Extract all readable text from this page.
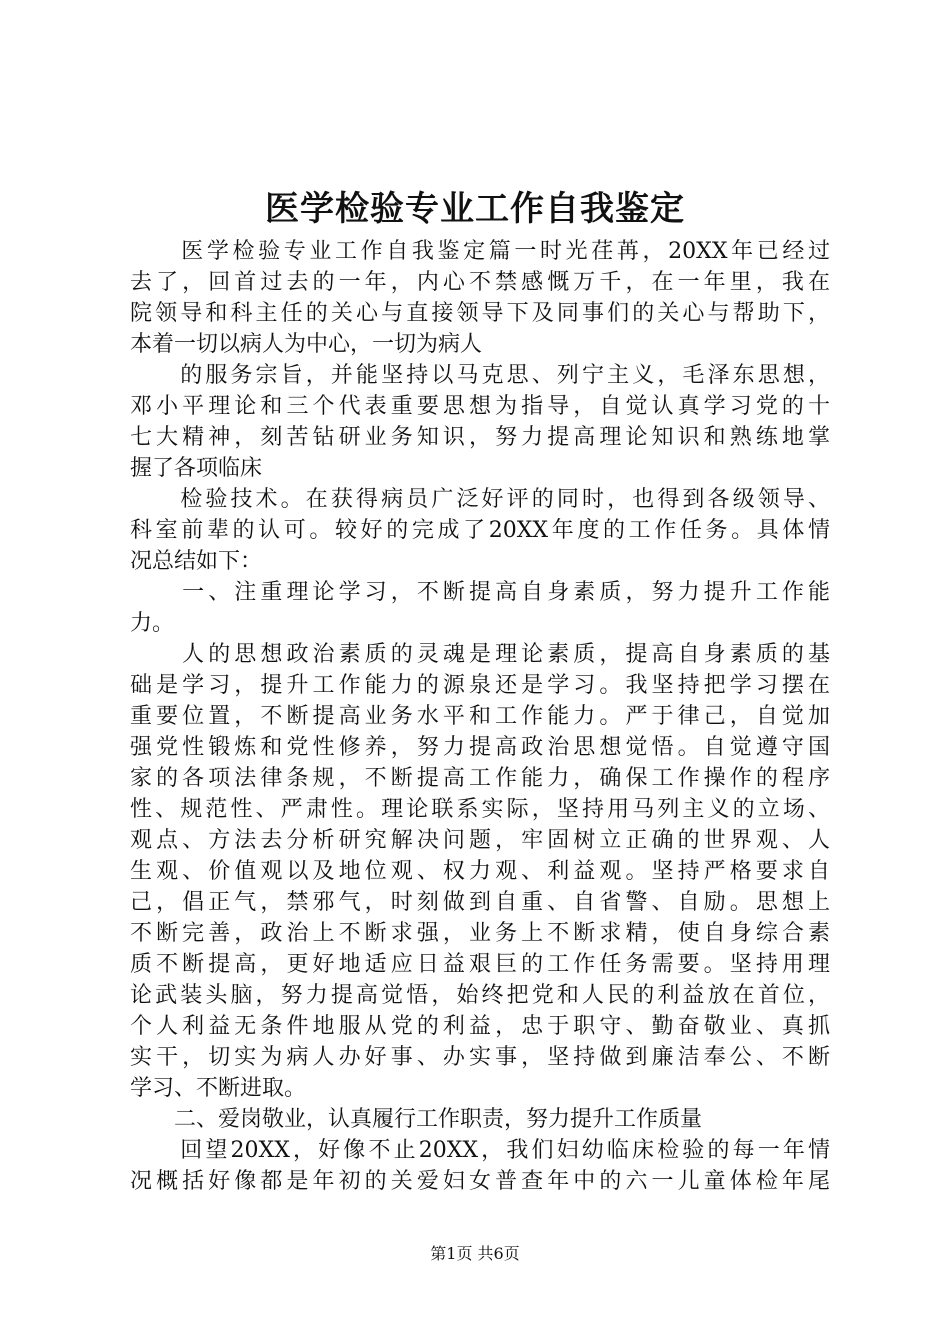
医学检验专业工作自我鉴定
　　医学检验专业工作自我鉴定篇一时光荏苒，20XX年已经过
去了，回首过去的一年，内心不禁感慨万千，在一年里，我在
院领导和科主任的关心与直接领导下及同事们的关心与帮助下，
本着一切以病人为中心，一切为病人
　　的服务宗旨，并能坚持以马克思、列宁主义，毛泽东思想，
邓小平理论和三个代表重要思想为指导，自觉认真学习党的十
七大精神，刻苦钻研业务知识，努力提高理论知识和熟练地掌
握了各项临床
　　检验技术。在获得病员广泛好评的同时，也得到各级领导、
科室前辈的认可。较好的完成了20XX年度的工作任务。具体情
况总结如下：
　　一、注重理论学习，不断提高自身素质，努力提升工作能
力。
　　人的思想政治素质的灵魂是理论素质，提高自身素质的基
础是学习，提升工作能力的源泉还是学习。我坚持把学习摆在
重要位置，不断提高业务水平和工作能力。严于律己，自觉加
强党性锻炼和党性修养，努力提高政治思想觉悟。自觉遵守国
家的各项法律条规，不断提高工作能力，确保工作操作的程序
性、规范性、严肃性。理论联系实际，坚持用马列主义的立场、
观点、方法去分析研究解决问题，牢固树立正确的世界观、人
生观、价值观以及地位观、权力观、利益观。坚持严格要求自
己，倡正气，禁邪气，时刻做到自重、自省警、自励。思想上
不断完善，政治上不断求强，业务上不断求精，使自身综合素
质不断提高，更好地适应日益艰巨的工作任务需要。坚持用理
论武装头脑，努力提高觉悟，始终把党和人民的利益放在首位，
个人利益无条件地服从党的利益，忠于职守、勤奋敬业、真抓
实干，切实为病人办好事、办实事，坚持做到廉洁奉公、不断
学习、不断进取。
　　二、爱岗敬业，认真履行工作职责，努力提升工作质量
　　回望20XX，好像不止20XX，我们妇幼临床检验的每一年情
况概括好像都是年初的关爱妇女普查年中的六一儿童体检年尾
第1页 共6页
